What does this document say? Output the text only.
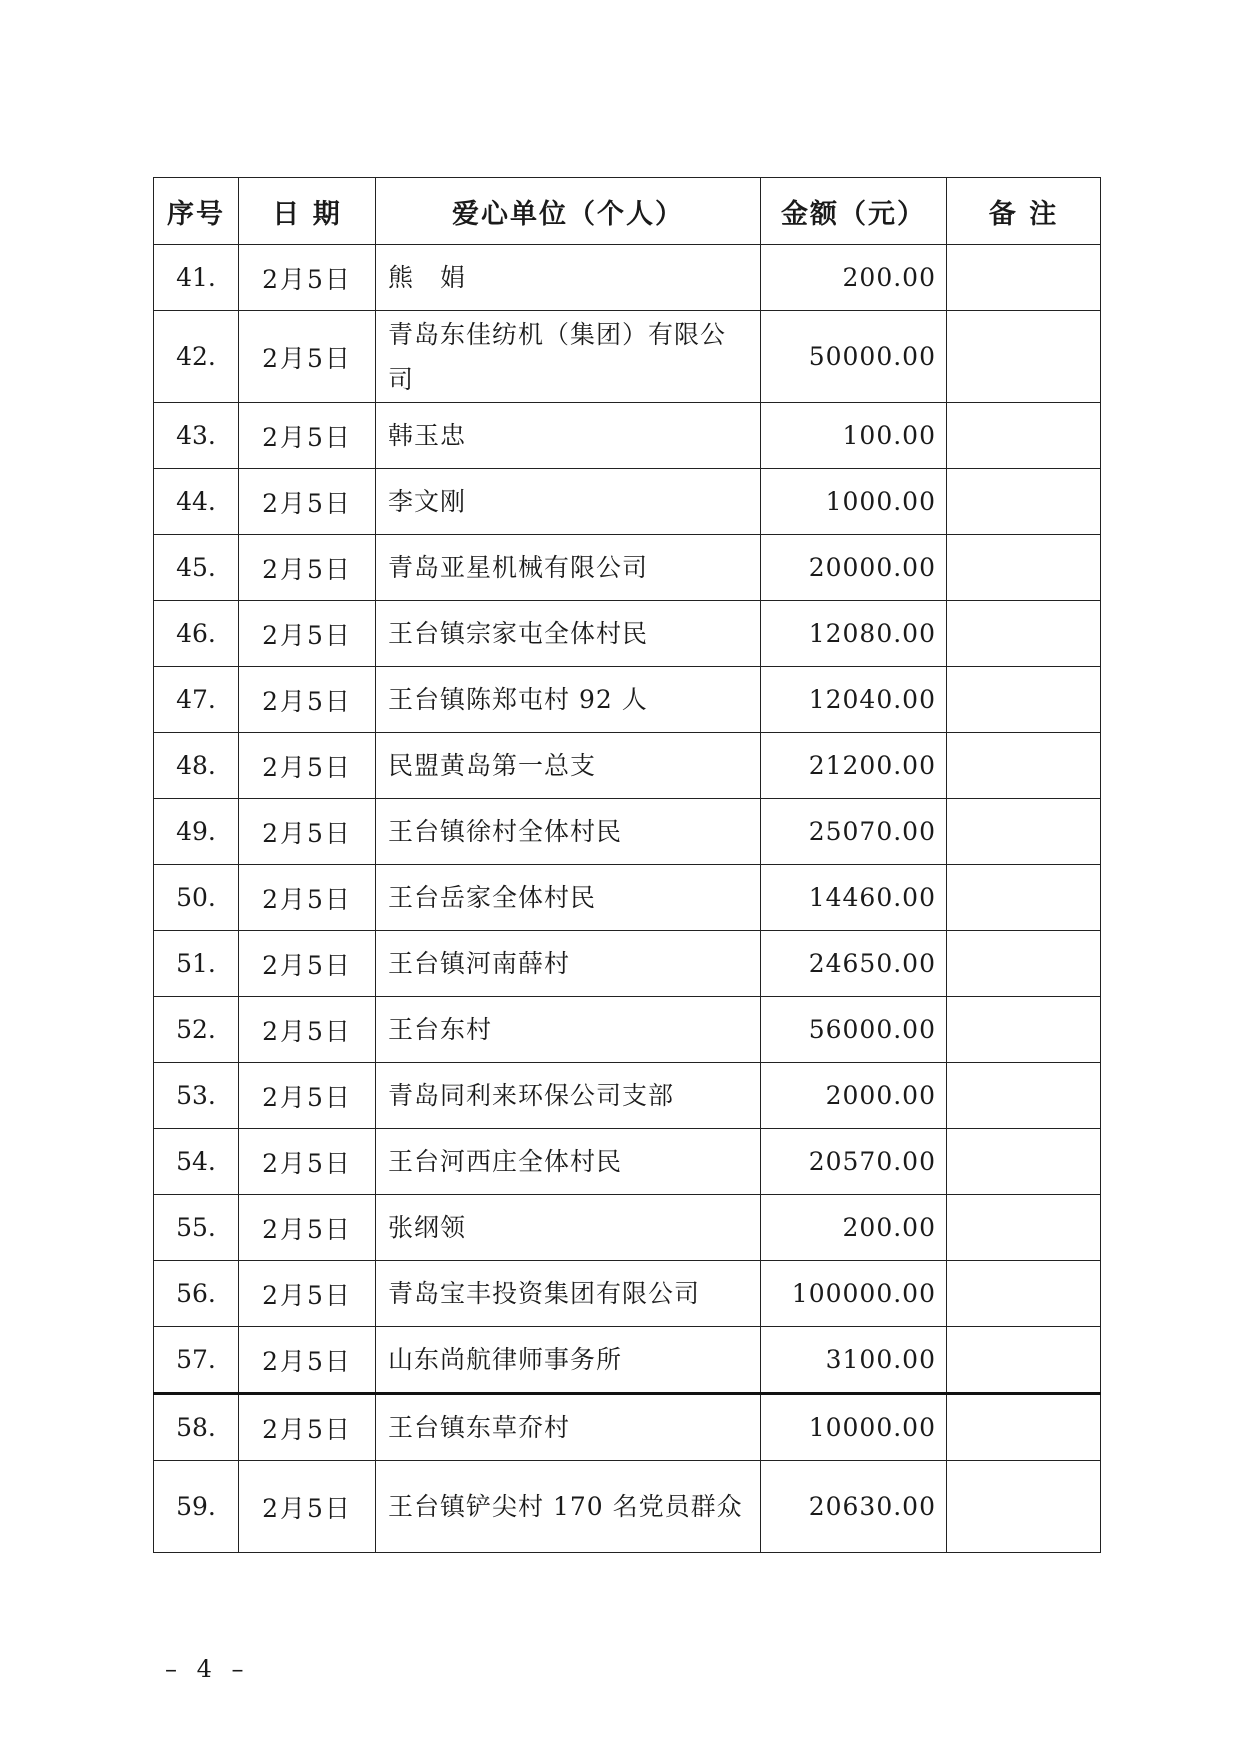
序号	日 期	爱心单位（个人）	金额（元）	备 注
41.	2月5日	熊　娟	200.00	
42.	2月5日	青岛东佳纺机（集团）有限公司	50000.00	
43.	2月5日	韩玉忠	100.00	
44.	2月5日	李文刚	1000.00	
45.	2月5日	青岛亚星机械有限公司	20000.00	
46.	2月5日	王台镇宗家屯全体村民	12080.00	
47.	2月5日	王台镇陈郑屯村 92 人	12040.00	
48.	2月5日	民盟黄岛第一总支	21200.00	
49.	2月5日	王台镇徐村全体村民	25070.00	
50.	2月5日	王台岳家全体村民	14460.00	
51.	2月5日	王台镇河南薛村	24650.00	
52.	2月5日	王台东村	56000.00	
53.	2月5日	青岛同利来环保公司支部	2000.00	
54.	2月5日	王台河西庄全体村民	20570.00	
55.	2月5日	张纲领	200.00	
56.	2月5日	青岛宝丰投资集团有限公司	100000.00	
57.	2月5日	山东尚航律师事务所	3100.00	
58.	2月5日	王台镇东草夼村	10000.00	
59.	2月5日	王台镇铲尖村 170 名党员群众	20630.00	
– 4 –
